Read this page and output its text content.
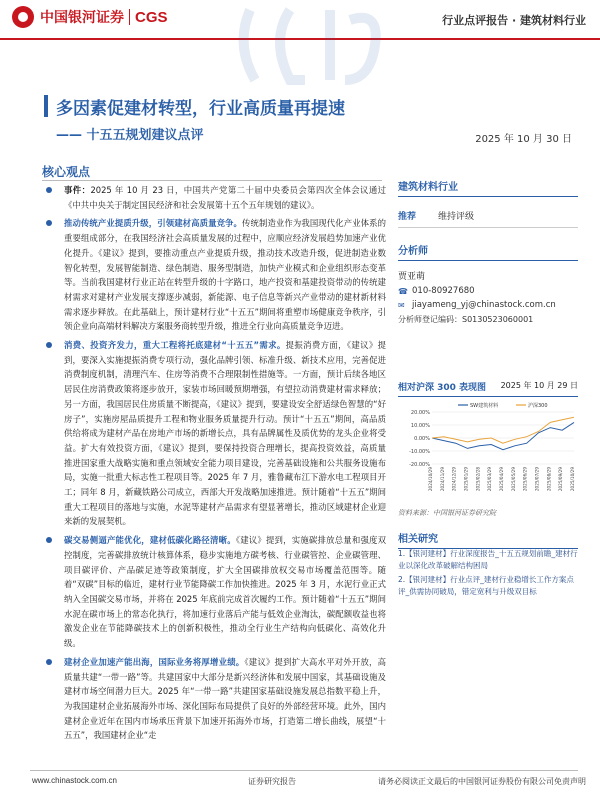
中国银河证券 CGS	行业点评报告 · 建筑材料行业
多因素促建材转型，行业高质量再提速
—— 十五五规划建议点评	2025 年 10 月 30 日
核心观点
事件：2025 年 10 月 23 日，中国共产党第二十届中央委员会第四次全体会议通过《中共中央关于制定国民经济和社会发展第十五个五年规划的建议》。
推动传统产业提质升级，引领建材高质量竞争。传统制造业作为我国现代化产业体系的重要组成部分，在我国经济社会高质量发展的过程中，应顺应经济发展趋势加速产业优化提升。《建议》提到，要推动重点产业提质升级，推动技术改造升级，促进制造业数智化转型，发展智能制造、绿色制造、服务型制造，加快产业模式和企业组织形态变革等。当前我国建材行业正站在转型升级的十字路口，地产投资和基建投资带动的传统建材需求对建材产业发展支撑逐步减弱，新能源、电子信息等新兴产业带动的建材新材料需求逐步释放。在此基础上，预计建材行业“十五五”期间将重塑市场健康竞争秩序，引领企业向高端材料解决方案服务商转型升级，推进全行业向高质量竞争迈进。
消费、投资齐发力，重大工程将托底建材“十五五”需求。提振消费方面，《建议》提到，要深入实施提振消费专项行动，强化品牌引领、标准升级、新技术应用，完善促进消费制度机制，清理汽车、住房等消费不合理限制性措施等。一方面，预计后续各地区居民住房消费政策将逐步放开，家装市场回暖预期增强，有望拉动消费建材需求释放；另一方面，我国居民住房质量不断提高，《建议》提到，要建设安全舒适绿色智慧的“好房子”，实施房屋品质提升工程和物业服务质量提升行动。预计“十五五”期间，高品质供给将成为建材产品在房地产市场的新增长点，具有品牌属性及质优势的龙头企业将受益。扩大有效投资方面，《建议》提到，要保持投资合理增长，提高投资效益，高质量推进国家重大战略实施和重点领域安全能力项目建设，完善基础设施和公共服务设施布局，实施一批重大标志性工程项目等。2025 年 7 月，雅鲁藏布江下游水电工程项目开工；同年 8 月，新藏铁路公司成立，西部大开发战略加速推进。预计随着“十五五”期间重大工程项目的落地与实施，水泥等建材产品需求有望显著增长，推动区域建材企业迎来新的发展契机。
碳交易侧逼产能优化，建材低碳化路径清晰。《建议》提到，实施碳排放总量和强度双控制度，完善碳排放统计核算体系，稳步实施地方碳考核、行业碳管控、企业碳管理、项目碳评价、产品碳足迹等政策制度，扩大全国碳排放权交易市场覆盖范围等。随着“双碳”目标的临近，建材行业节能降碳工作加快推进。2025 年 3 月，水泥行业正式纳入全国碳交易市场，并将在 2025 年底前完成首次履约工作。预计随着“十五五”期间水泥在碳市场上的常态化执行，将加速行业落后产能与低效企业淘汰，碳配额收益也将激发企业在节能降碳技术上的创新积极性，推动全行业生产结构向低碳化、高效化升级。
建材企业加速产能出海，国际业务将厚增业绩。《建议》提到扩大高水平对外开放，高质量共建“一带一路”等。共建国家中大部分是新兴经济体和发展中国家，其基础设施及建材市场空间潜力巨大。2025 年“一带一路”共建国家基础设施发展总指数平稳上升，为我国建材企业拓展海外市场、深化国际布局提供了良好的外部经营环境。此外，国内建材企业近年在国内市场承压背景下加速开拓海外市场，打造第二增长曲线，展望“十五五”，我国建材企业“走
建筑材料行业
推荐	维持评级
分析师
贾亚萌
☎ 010-80927680
✉ jiayameng_yj@chinastock.com.cn
分析师登记编码：S0130523060001
相对沪深 300 表现图 2025 年 10 月 29 日
20.00%
10.00%
0.00%
-10.00%
-20.00%
2024/10/29 2024/11/29 2024/12/29 2025/01/29 2025/02/28 2025/03/29 2025/04/29 2025/05/29 2025/06/29 2025/07/29 2025/08/29 2025/09/29 2025/10/29
SW建筑材料	沪深300
资料来源：中国银河证券研究院
相关研究
1.【银河建材】行业深度报告_十五五规划前瞻_建材行业以深化改革破解结构困局
2.【银河建材】行业点评_建材行业稳增长工作方案点评_供需协同破局，错定宽利与升级双目标
www.chinastock.com.cn	证券研究报告	请务必阅读正文最后的中国银河证券股份有限公司免责声明
